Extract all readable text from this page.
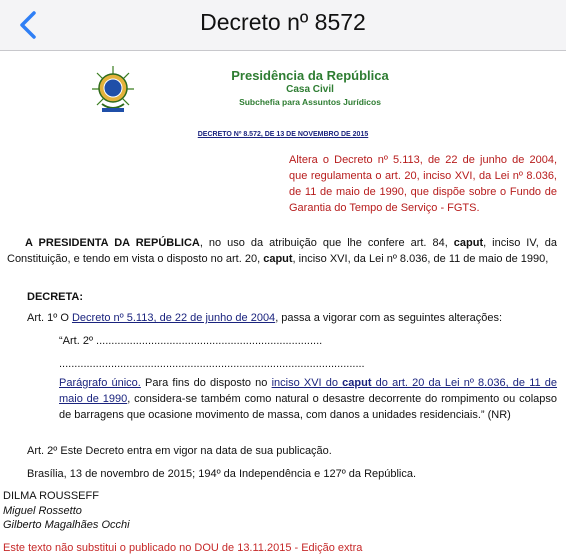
Decreto nº 8572
Presidência da República
Casa Civil
Subchefia para Assuntos Jurídicos
DECRETO Nº 8.572, DE 13 DE NOVEMBRO DE 2015
Altera o Decreto nº 5.113, de 22 de junho de 2004, que regulamenta o art. 20, inciso XVI, da Lei nº 8.036, de 11 de maio de 1990, que dispõe sobre o Fundo de Garantia do Tempo de Serviço - FGTS.
A PRESIDENTA DA REPÚBLICA, no uso da atribuição que lhe confere art. 84, caput, inciso IV, da Constituição, e tendo em vista o disposto no art. 20, caput, inciso XVI, da Lei nº 8.036, de 11 de maio de 1990,
DECRETA:
Art. 1º O Decreto nº 5.113, de 22 de junho de 2004, passa a vigorar com as seguintes alterações:
“Art. 2º ..........................................................................
....................................................................................................
Parágrafo único. Para fins do disposto no inciso XVI do caput do art. 20 da Lei nº 8.036, de 11 de maio de 1990, considera-se também como natural o desastre decorrente do rompimento ou colapso de barragens que ocasione movimento de massa, com danos a unidades residenciais.” (NR)
Art. 2º Este Decreto entra em vigor na data de sua publicação.
Brasília, 13 de novembro de 2015; 194º da Independência e 127º da República.
DILMA ROUSSEFF
Miguel Rossetto
Gilberto Magalhães Occhi
Este texto não substitui o publicado no DOU de 13.11.2015 - Edição extra
